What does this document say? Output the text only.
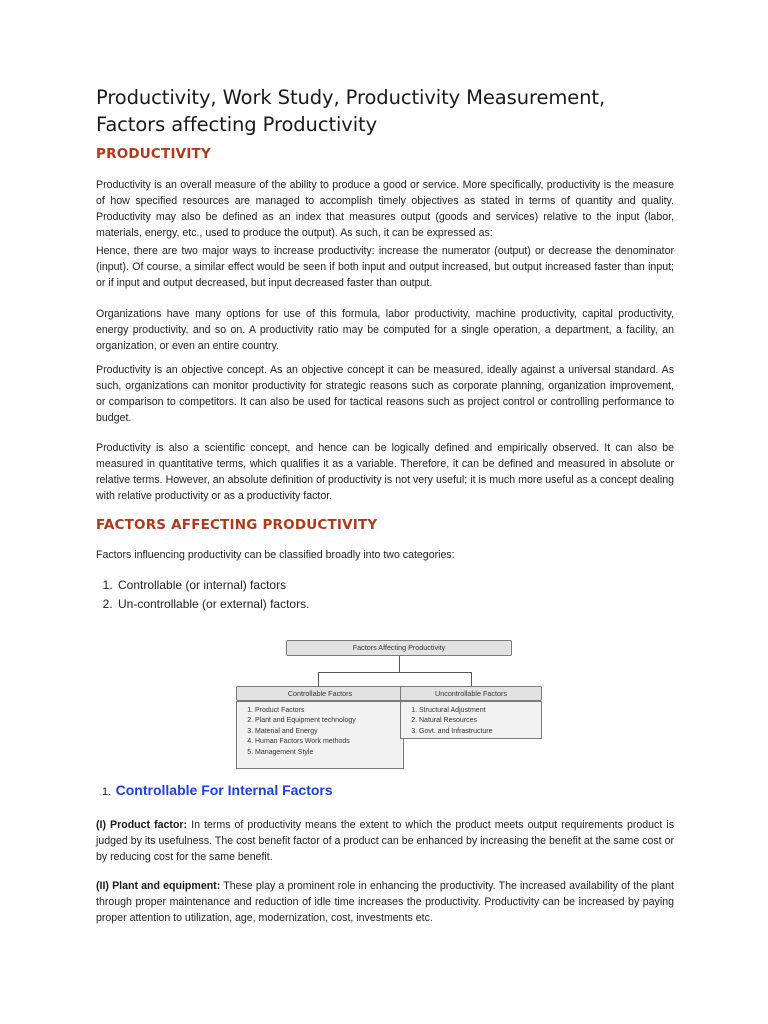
Productivity, Work Study, Productivity Measurement, Factors affecting Productivity
PRODUCTIVITY

Productivity is an overall measure of the ability to produce a good or service. More specifically, productivity is the measure of how specified resources are managed to accomplish timely objectives as stated in terms of quantity and quality. Productivity may also be defined as an index that measures output (goods and services) relative to the input (labor, materials, energy, etc., used to produce the output). As such, it can be expressed as:

Hence, there are two major ways to increase productivity: increase the numerator (output) or decrease the denominator (input). Of course, a similar effect would be seen if both input and output increased, but output increased faster than input; or if input and output decreased, but input decreased faster than output.

Organizations have many options for use of this formula, labor productivity, machine productivity, capital productivity, energy productivity, and so on. A productivity ratio may be computed for a single operation, a department, a facility, an organization, or even an entire country.

Productivity is an objective concept. As an objective concept it can be measured, ideally against a universal standard. As such, organizations can monitor productivity for strategic reasons such as corporate planning, organization improvement, or comparison to competitors. It can also be used for tactical reasons such as project control or controlling performance to budget.

Productivity is also a scientific concept, and hence can be logically defined and empirically observed. It can also be measured in quantitative terms, which qualifies it as a variable. Therefore, it can be defined and measured in absolute or relative terms. However, an absolute definition of productivity is not very useful; it is much more useful as a concept dealing with relative productivity or as a productivity factor.

FACTORS AFFECTING PRODUCTIVITY

Factors influencing productivity can be classified broadly into two categories:

1. Controllable (or internal) factors
2. Un-controllable (or external) factors.
Factors Affecting Productivity
Controllable Factors
1. Product Factors
2. Plant and Equipment technology
3. Material and Energy
4. Human Factors Work methods
5. Management Style
Uncontrollable Factors
1. Structural Adjustment
2. Natural Resources
3. Govt. and Infrastructure
1. Controllable For Internal Factors

(I) Product factor: In terms of productivity means the extent to which the product meets output requirements product is judged by its usefulness. The cost benefit factor of a product can be enhanced by increasing the benefit at the same cost or by reducing cost for the same benefit.

(II) Plant and equipment: These play a prominent role in enhancing the productivity. The increased availability of the plant through proper maintenance and reduction of idle time increases the productivity. Productivity can be increased by paying proper attention to utilization, age, modernization, cost, investments etc.
